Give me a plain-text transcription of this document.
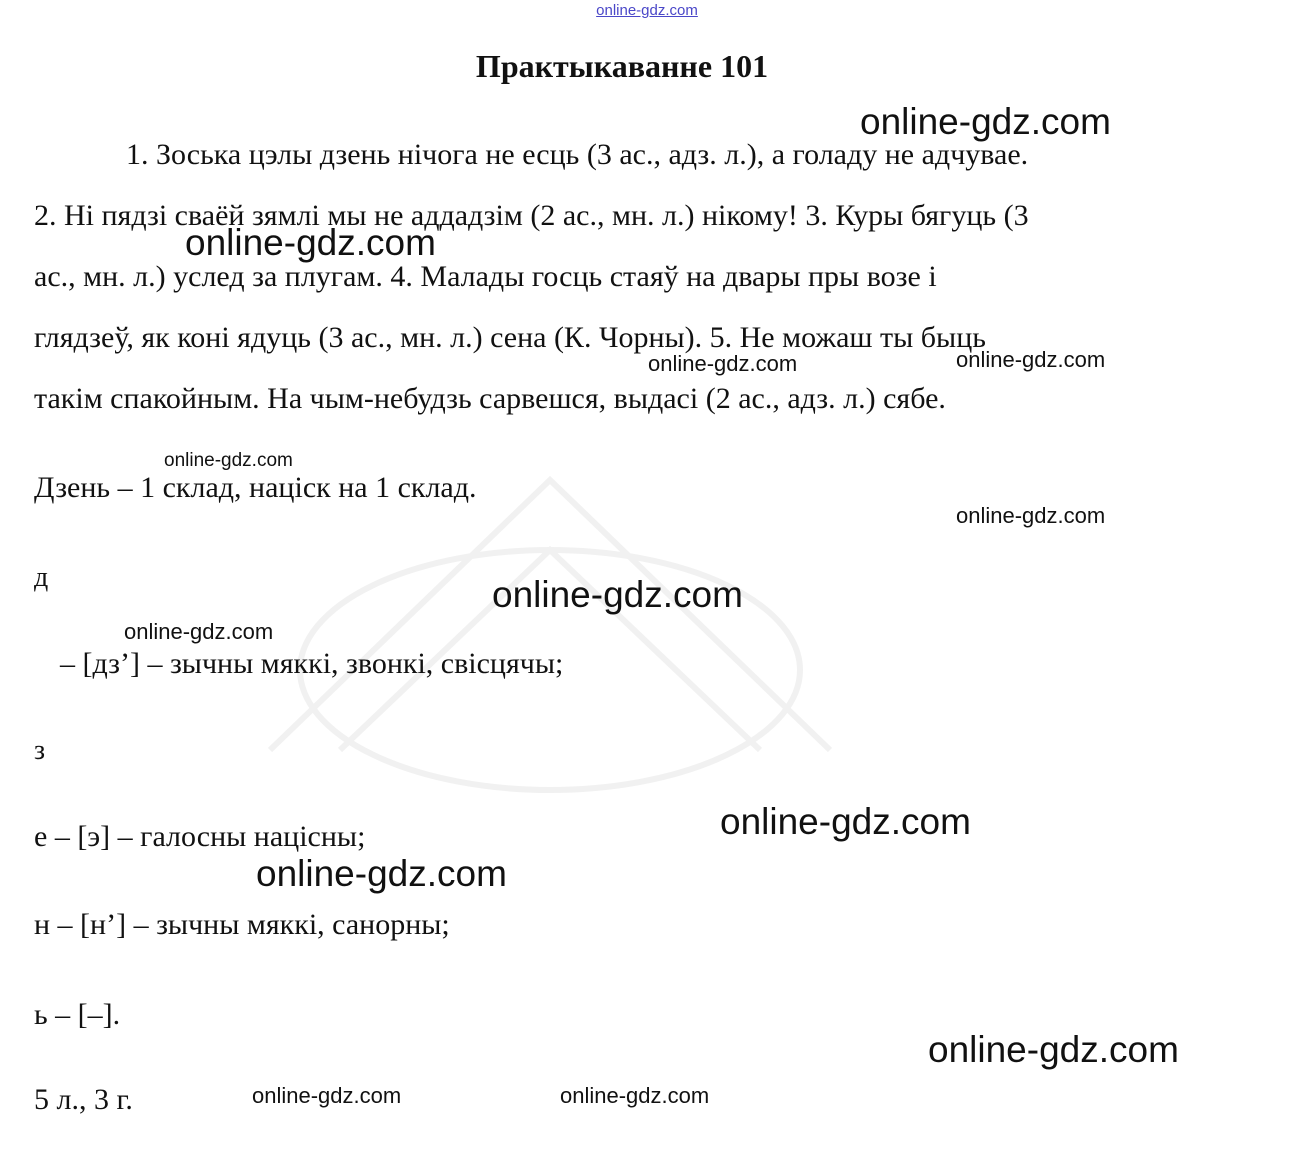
online-gdz.com
Практыкаванне 101
1. Зоська цэлы дзень нічога не есць (3 ас., адз. л.), а голаду не адчувае.
2. Ні пядзі сваёй зямлі мы не аддадзім (2 ас., мн. л.) нікому! 3. Куры бягуць (3
ас., мн. л.) услед за плугам. 4. Малады госць стаяў на двары пры возе і
глядзеў, як коні ядуць (3 ас., мн. л.) сена (К. Чорны). 5. Не можаш ты быць
такім спакойным. На чым-небудзь сарвешся, выдасі (2 ас., адз. л.) сябе.
Дзень – 1 склад, націск на 1 склад.
д
– [дз’] – зычны мяккі, звонкі, свісцячы;
з
е – [э] – галосны націсны;
н – [н’] – зычны мяккі, санорны;
ь – [–].
5 л., 3 г.
online-gdz.com
online-gdz.com
online-gdz.com	online-gdz.com
online-gdz.com
online-gdz.com
online-gdz.com
online-gdz.com
online-gdz.com
online-gdz.com
online-gdz.com
online-gdz.com	online-gdz.com
